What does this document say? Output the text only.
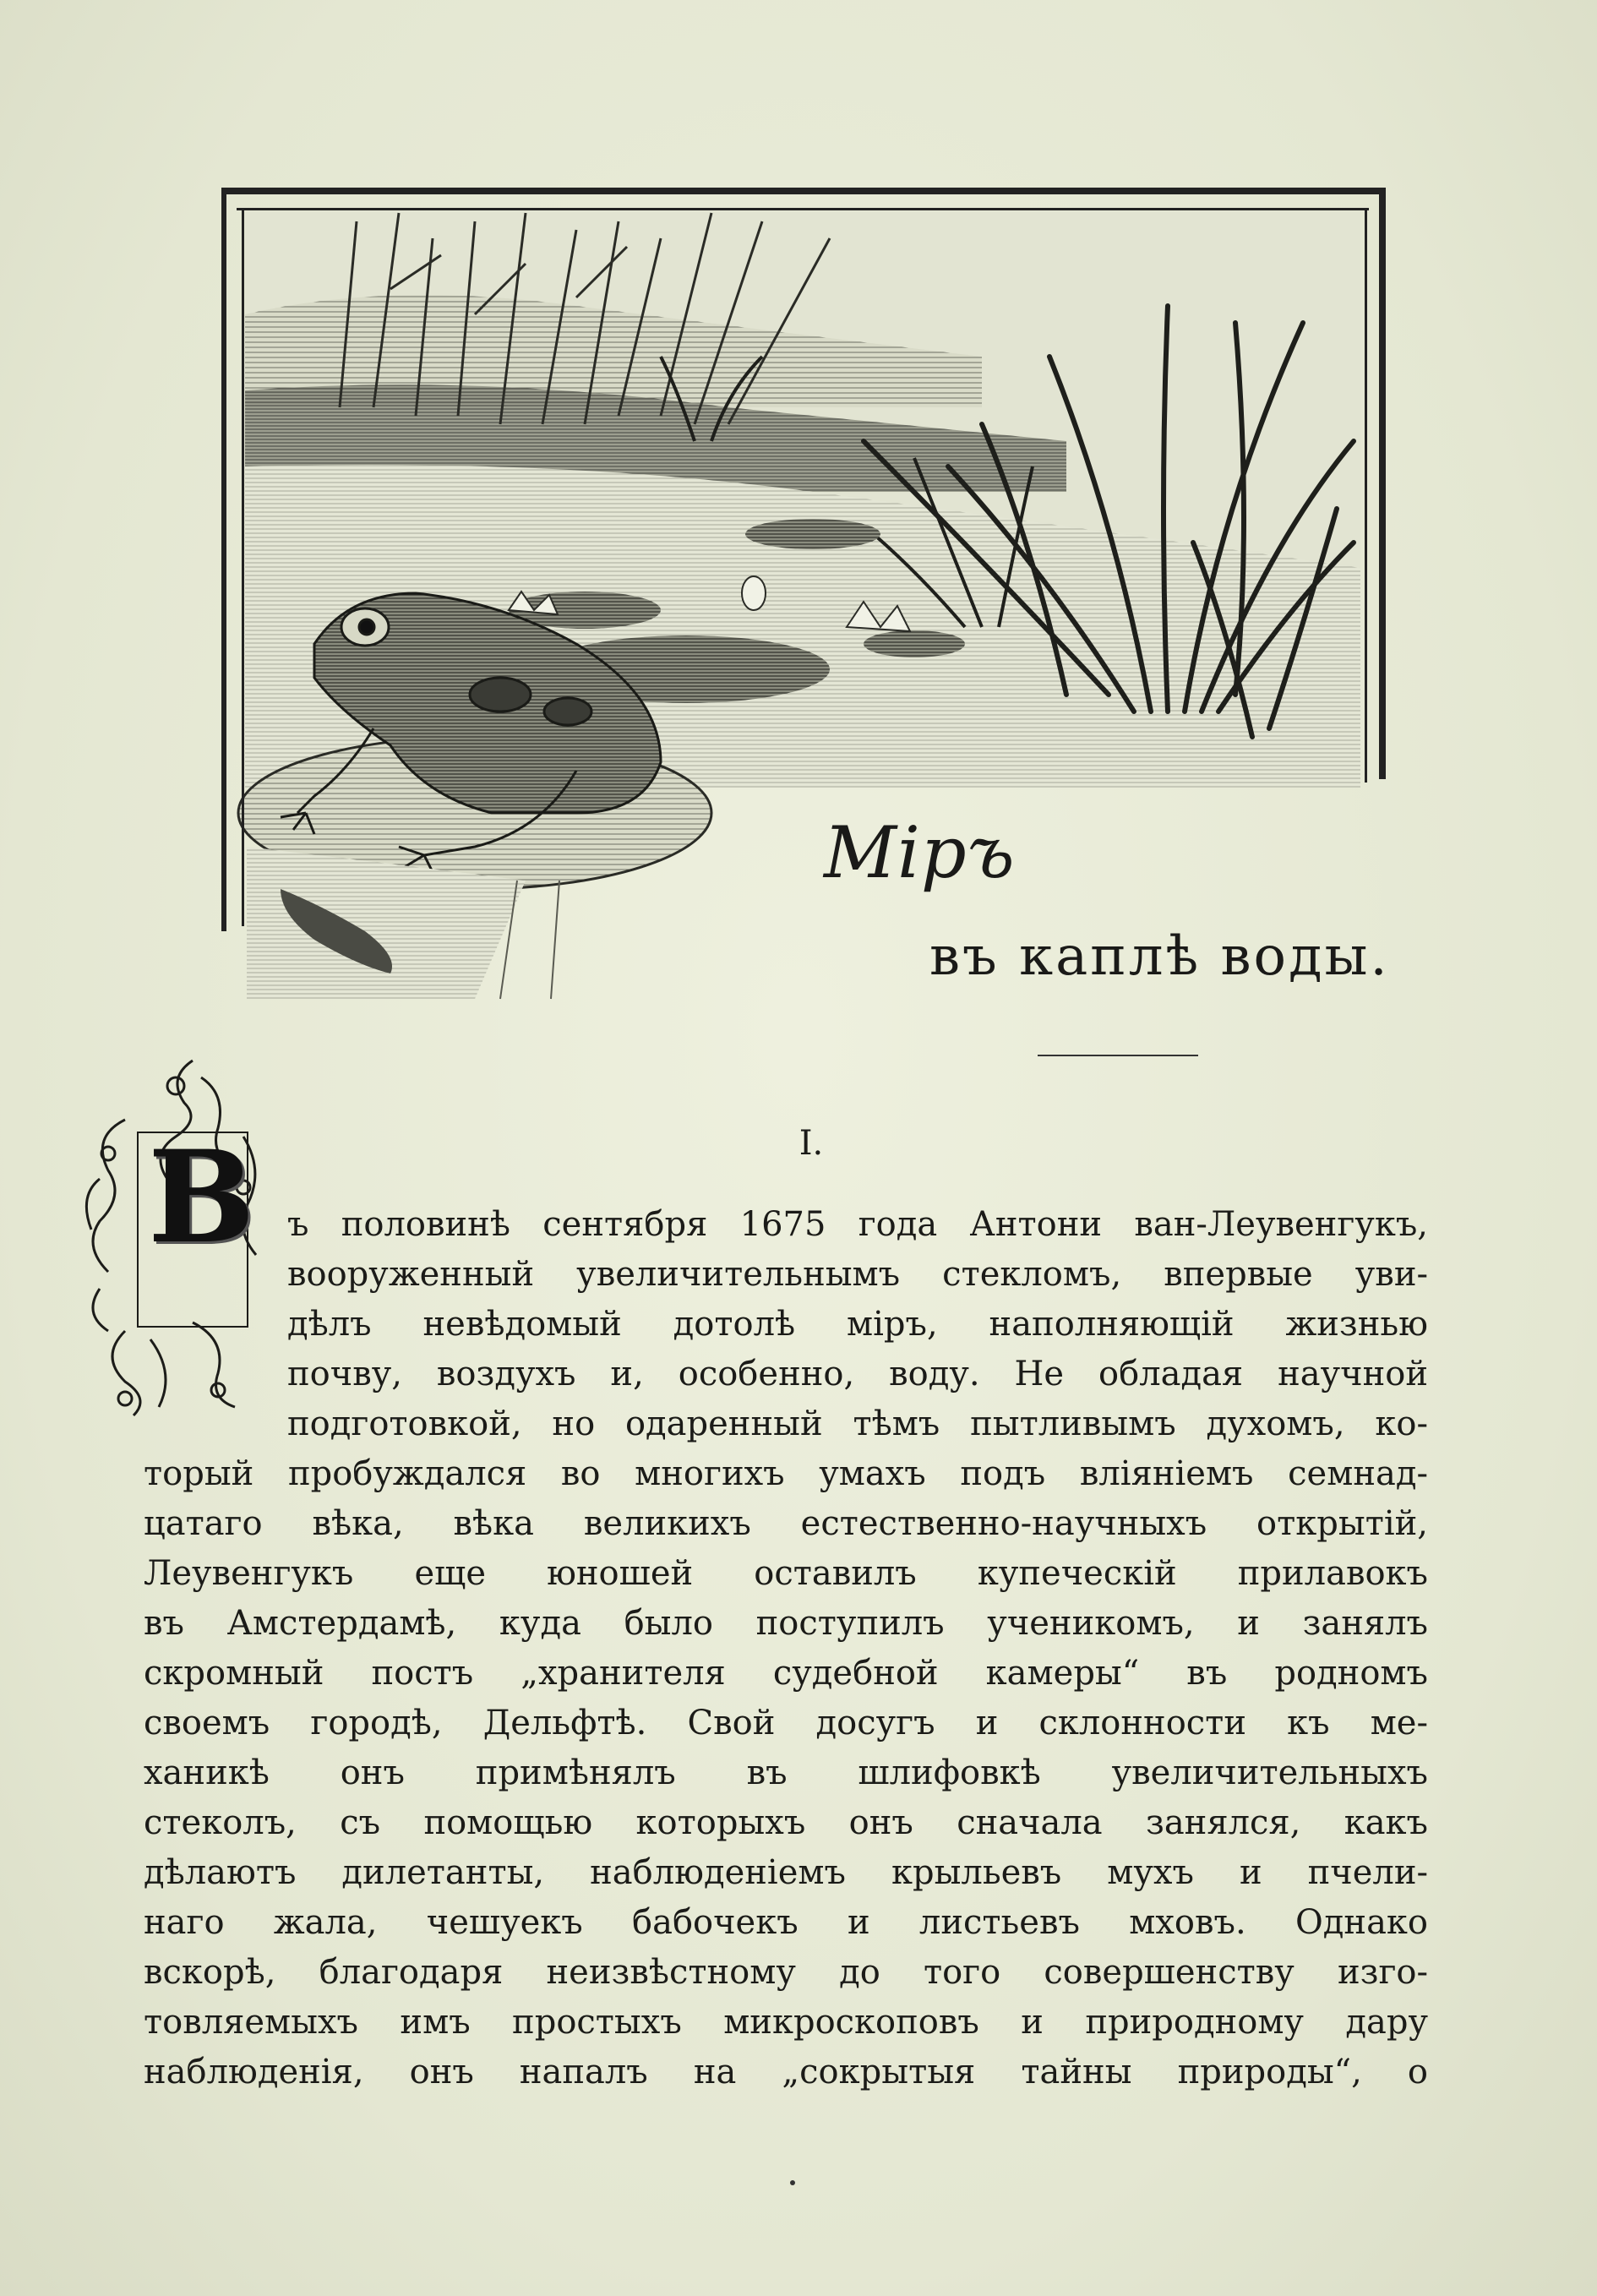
Міръ
въ каплѣ воды.
I.
В ъ половинѣ сентября 1675 года Антони ван-Леувенгукъ,
вооруженный увеличительнымъ стекломъ, впервые уви-
дѣлъ невѣдомый дотолѣ міръ, наполняющій жизнью
почву, воздухъ и, особенно, воду. Не обладая научной
подготовкой, но одаренный тѣмъ пытливымъ духомъ, ко-
торый пробуждался во многихъ умахъ подъ вліяніемъ семнад-
цатаго вѣка, вѣка великихъ естественно-научныхъ открытій,
Леувенгукъ еще юношей оставилъ купеческій прилавокъ
въ Амстердамѣ, куда было поступилъ ученикомъ, и занялъ
скромный постъ „хранителя судебной камеры“ въ родномъ
своемъ городѣ, Дельфтѣ. Свой досугъ и склонности къ ме-
ханикѣ онъ примѣнялъ въ шлифовкѣ увеличительныхъ
стеколъ, съ помощью которыхъ онъ сначала занялся, какъ
дѣлаютъ дилетанты, наблюденіемъ крыльевъ мухъ и пчели-
наго жала, чешуекъ бабочекъ и листьевъ мховъ. Однако
вскорѣ, благодаря неизвѣстному до того совершенству изго-
товляемыхъ имъ простыхъ микроскоповъ и природному дару
наблюденія, онъ напалъ на „сокрытыя тайны природы“, о
